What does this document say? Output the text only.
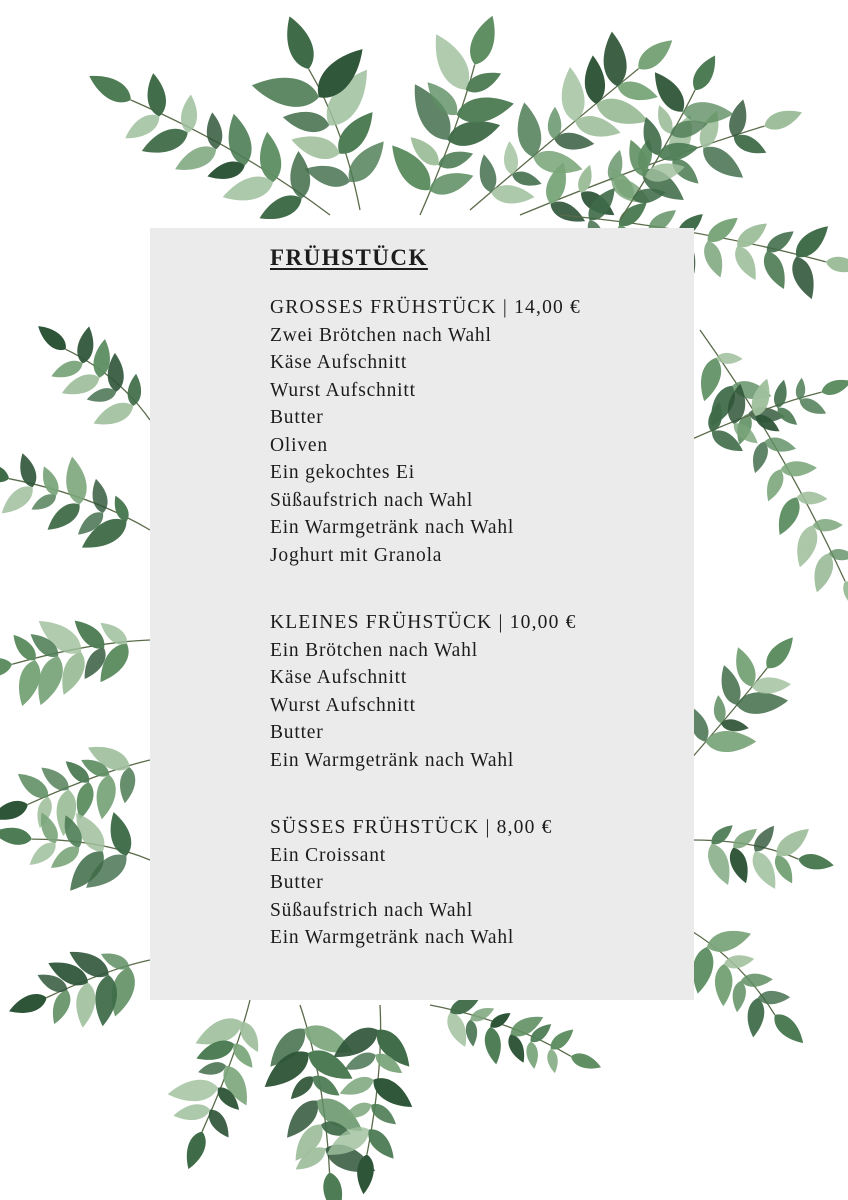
FRÜHSTÜCK
GROSSES FRÜHSTÜCK | 14,00 €
Zwei Brötchen nach Wahl
Käse Aufschnitt
Wurst Aufschnitt
Butter
Oliven
Ein gekochtes Ei
Süßaufstrich nach Wahl
Ein Warmgetränk nach Wahl
Joghurt mit Granola
KLEINES FRÜHSTÜCK | 10,00 €
Ein Brötchen nach Wahl
Käse Aufschnitt
Wurst Aufschnitt
Butter
Ein Warmgetränk nach Wahl
SÜSSES FRÜHSTÜCK | 8,00 €
Ein Croissant
Butter
Süßaufstrich nach Wahl
Ein Warmgetränk nach Wahl
